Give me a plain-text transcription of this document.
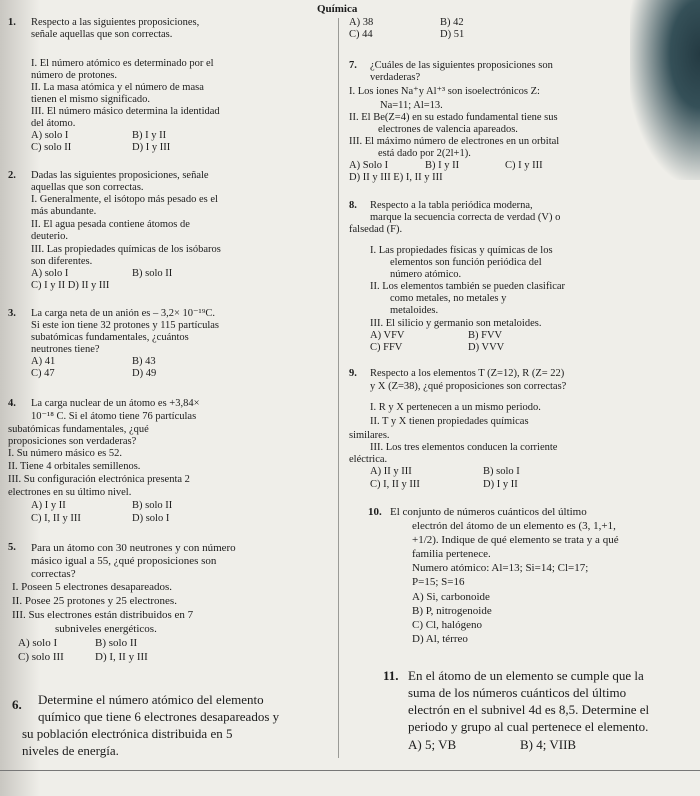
Química
1. Respecto a las siguientes proposiciones,
señale aquellas que son correctas.
I. El número atómico es determinado por el
número de protones.
II. La masa atómica y el número de masa
tienen el mismo significado.
III. El número másico determina la identidad
del átomo.
A) solo I	B) I y II
C) solo II	D) I y III
2. Dadas las siguientes proposiciones, señale
aquellas que son correctas.
I. Generalmente, el isótopo más pesado es el
más abundante.
II. El agua pesada contiene átomos de
deuterio.
III. Las propiedades químicas de los isóbaros
son diferentes.
A) solo I	B) solo II
C) I y II D) II y III
3. La carga neta de un anión es – 3,2× 10⁻¹⁹C.
Si este ion tiene 32 protones y 115 partículas
subatómicas fundamentales, ¿cuántos
neutrones tiene?
A) 41	B) 43
C) 47	D) 49
4. La carga nuclear de un átomo es +3,84×
10⁻¹⁸ C. Si el átomo tiene 76 partículas
subatómicas fundamentales, ¿qué
proposiciones son verdaderas?
I. Su número másico es 52.
II. Tiene 4 orbitales semillenos.
III. Su configuración electrónica presenta 2
electrones en su último nivel.
A) I y II	B) solo II
C) I, II y III	D) solo I
5. Para un átomo con 30 neutrones y con número
másico igual a 55, ¿qué proposiciones son
correctas?
I. Poseen 5 electrones desapareados.
II. Posee 25 protones y 25 electrones.
III. Sus electrones están distribuidos en 7
subniveles energéticos.
A) solo I	B) solo II
C) solo III	D) I, II y III
6. Determine el número atómico del elemento
químico que tiene 6 electrones desapareados y
su población electrónica distribuida en 5
niveles de energía.
A) 38	B) 42
C) 44	D) 51
7. ¿Cuáles de las siguientes proposiciones son
verdaderas?
I. Los iones Na⁺y Al⁺³ son isoelectrónicos Z:
Na=11; Al=13.
II. El Be(Z=4) en su estado fundamental tiene sus
electrones de valencia apareados.
III. El máximo número de electrones en un orbital
está dado por 2(2l+1).
A) Solo I	B) I y II	C) I y III
D) II y III E) I, II y III
8. Respecto a la tabla periódica moderna,
marque la secuencia correcta de verdad (V) o
falsedad (F).
I. Las propiedades físicas y químicas de los
elementos son función periódica del
número atómico.
II. Los elementos también se pueden clasificar
como metales, no metales y
metaloides.
III. El silicio y germanio son metaloides.
A) VFV	B) FVV
C) FFV	D) VVV
9. Respecto a los elementos T (Z=12), R (Z= 22)
y X (Z=38), ¿qué proposiciones son correctas?
I. R y X pertenecen a un mismo periodo.
II. T y X tienen propiedades químicas
similares.
III. Los tres elementos conducen la corriente
eléctrica.
A) II y III	B) solo I
C) I, II y III	D) I y II
10. El conjunto de números cuánticos del último
electrón del átomo de un elemento es (3, 1,+1,
+1/2). Indique de qué elemento se trata y a qué
familia pertenece.
Numero atómico: Al=13; Si=14; Cl=17;
P=15; S=16
A) Si, carbonoide
B) P, nitrogenoide
C) Cl, halógeno
D) Al, térreo
11. En el átomo de un elemento se cumple que la
suma de los números cuánticos del último
electrón en el subnivel 4d es 8,5. Determine el
periodo y grupo al cual pertenece el elemento.
A) 5; VB	B) 4; VIIB
